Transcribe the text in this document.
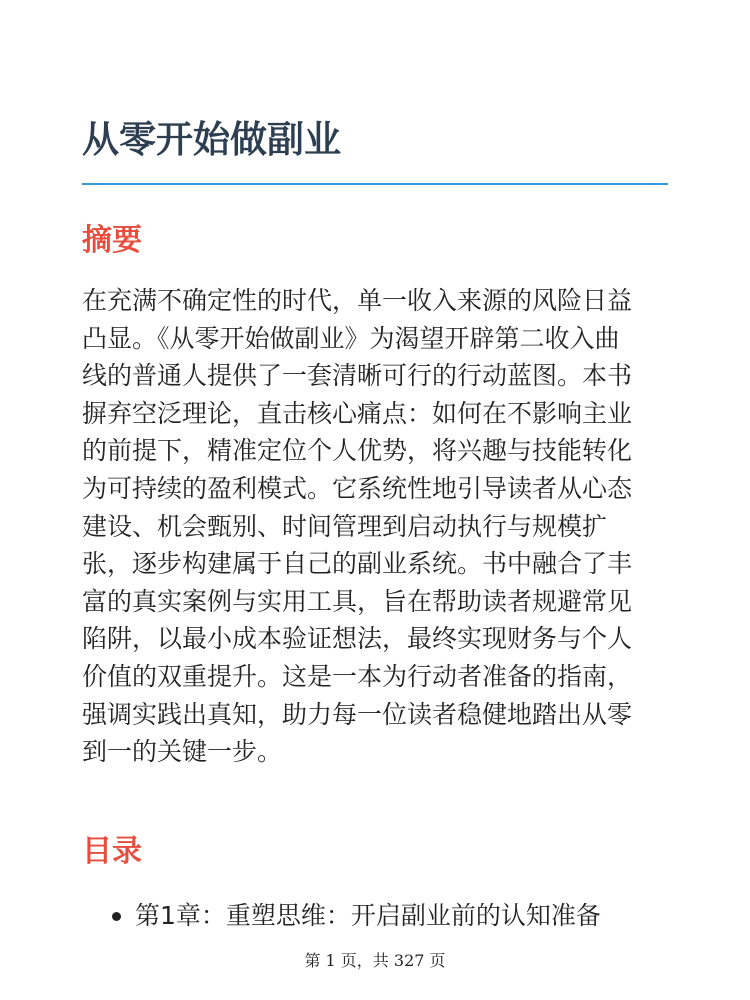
从零开始做副业
摘要
在充满不确定性的时代，单一收入来源的风险日益
凸显。《从零开始做副业》为渴望开辟第二收入曲
线的普通人提供了一套清晰可行的行动蓝图。本书
摒弃空泛理论，直击核心痛点：如何在不影响主业
的前提下，精准定位个人优势，将兴趣与技能转化
为可持续的盈利模式。它系统性地引导读者从心态
建设、机会甄别、时间管理到启动执行与规模扩
张，逐步构建属于自己的副业系统。书中融合了丰
富的真实案例与实用工具，旨在帮助读者规避常见
陷阱，以最小成本验证想法，最终实现财务与个人
价值的双重提升。这是一本为行动者准备的指南，
强调实践出真知，助力每一位读者稳健地踏出从零
到一的关键一步。
目录
第1章：重塑思维：开启副业前的认知准备
第 1 页，共 327 页
